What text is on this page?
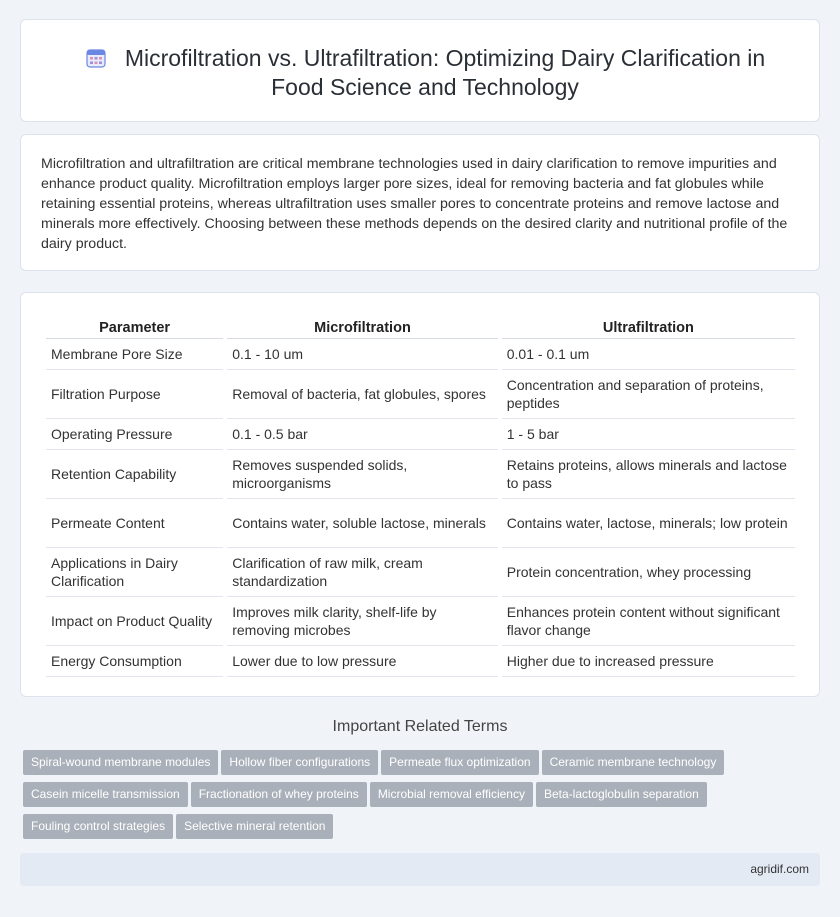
Microfiltration vs. Ultrafiltration: Optimizing Dairy Clarification in Food Science and Technology

Microfiltration and ultrafiltration are critical membrane technologies used in dairy clarification to remove impurities and enhance product quality. Microfiltration employs larger pore sizes, ideal for removing bacteria and fat globules while retaining essential proteins, whereas ultrafiltration uses smaller pores to concentrate proteins and remove lactose and minerals more effectively. Choosing between these methods depends on the desired clarity and nutritional profile of the dairy product.

Parameter	Microfiltration	Ultrafiltration
Membrane Pore Size	0.1 - 10 um	0.01 - 0.1 um
Filtration Purpose	Removal of bacteria, fat globules, spores	Concentration and separation of proteins, peptides
Operating Pressure	0.1 - 0.5 bar	1 - 5 bar
Retention Capability	Removes suspended solids, microorganisms	Retains proteins, allows minerals and lactose to pass
Permeate Content	Contains water, soluble lactose, minerals	Contains water, lactose, minerals; low protein
Applications in Dairy Clarification	Clarification of raw milk, cream standardization	Protein concentration, whey processing
Impact on Product Quality	Improves milk clarity, shelf-life by removing microbes	Enhances protein content without significant flavor change
Energy Consumption	Lower due to low pressure	Higher due to increased pressure
Important Related Terms
Spiral-wound membrane modules Hollow fiber configurations Permeate flux optimization Ceramic membrane technology
Casein micelle transmission Fractionation of whey proteins Microbial removal efficiency Beta-lactoglobulin separation
Fouling control strategies Selective mineral retention
agridif.com
